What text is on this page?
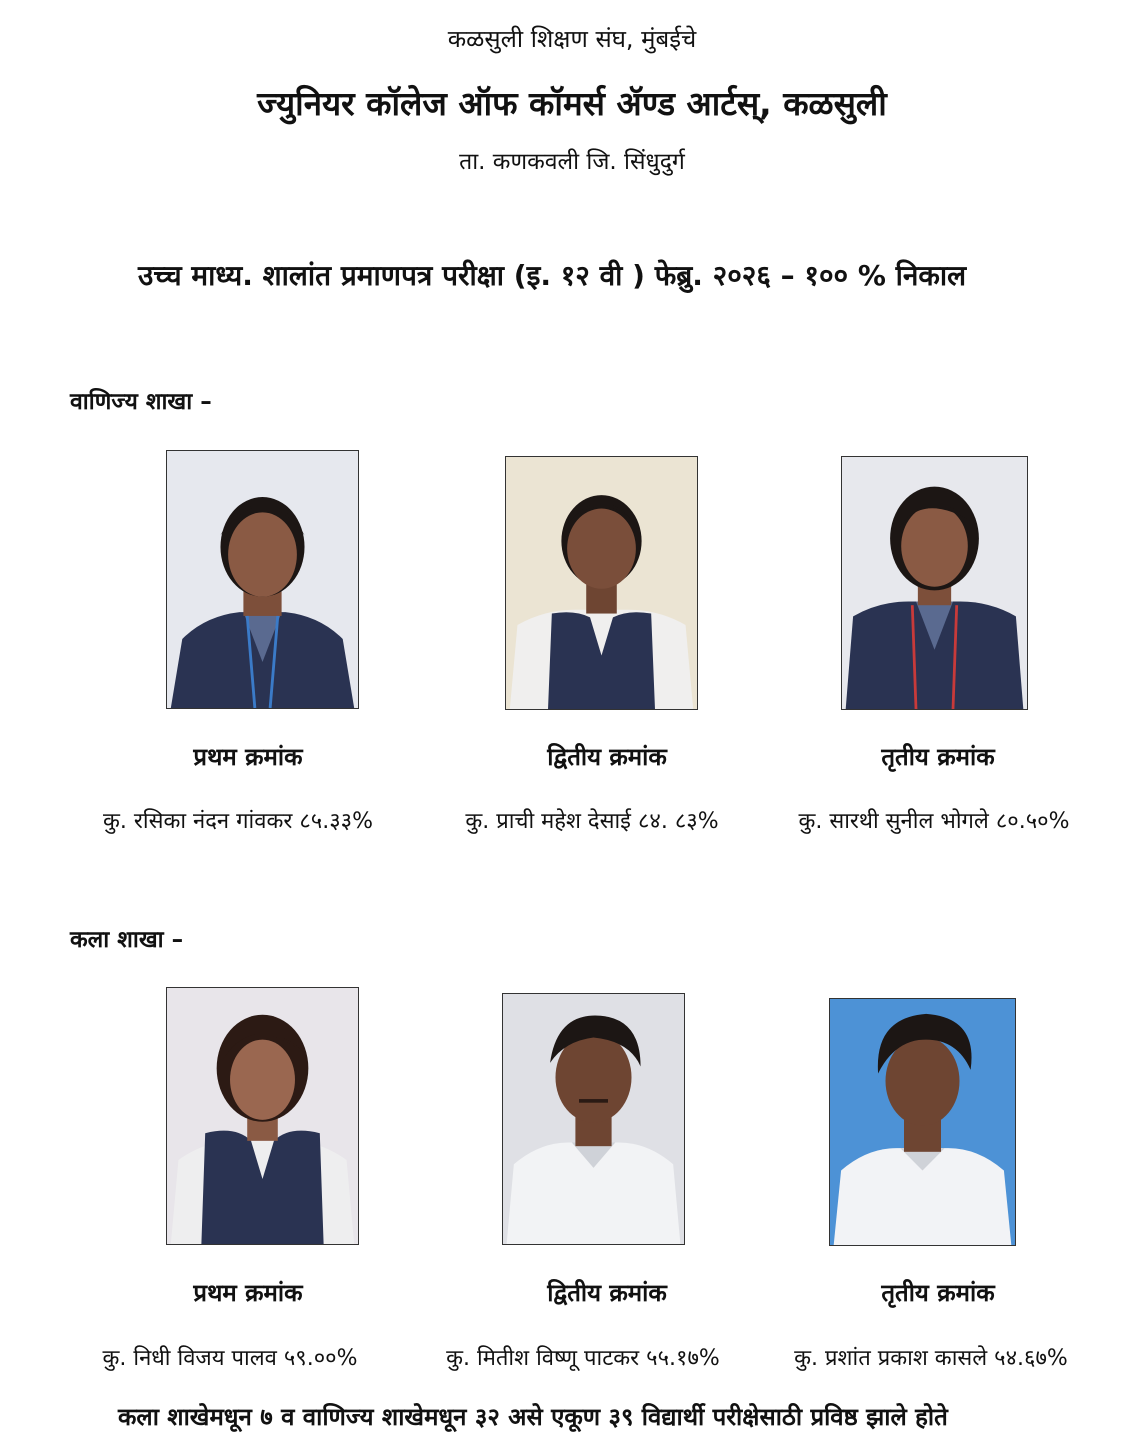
कळसुली शिक्षण संघ, मुंबईचे
ज्युनियर कॉलेज ऑफ कॉमर्स ॲण्ड आर्टस्, कळसुली
ता. कणकवली जि. सिंधुदुर्ग
उच्च माध्य. शालांत प्रमाणपत्र परीक्षा (इ. १२ वी ) फेब्रु. २०२६ – १०० % निकाल
वाणिज्य शाखा –
प्रथम क्रमांक	द्वितीय क्रमांक	तृतीय क्रमांक
कु. रसिका नंदन गांवकर ८५.३३%	कु. प्राची महेश देसाई ८४. ८३%	कु. सारथी सुनील भोगले ८०.५०%
कला शाखा –
प्रथम क्रमांक	द्वितीय क्रमांक	तृतीय क्रमांक
कु. निधी विजय पालव ५९.००%	कु. मितीश विष्णू पाटकर ५५.१७%	कु. प्रशांत प्रकाश कासले ५४.६७%
कला शाखेमधून ७ व वाणिज्य शाखेमधून ३२ असे एकूण ३९ विद्यार्थी परीक्षेसाठी प्रविष्ठ झाले होते
